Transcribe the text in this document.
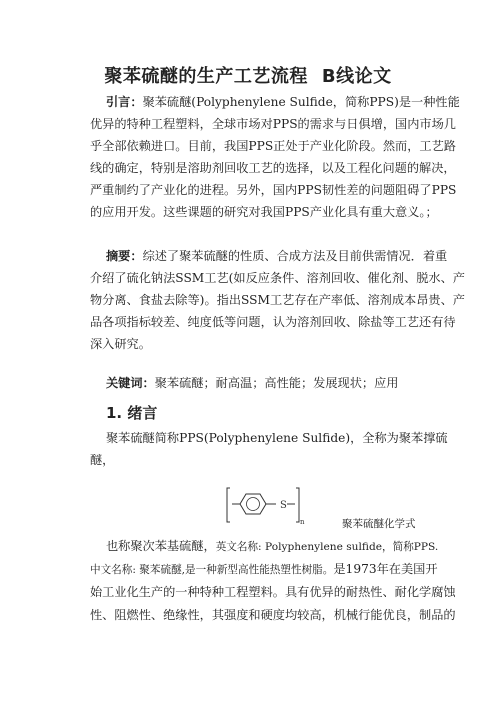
聚苯硫醚的生产工艺流程 B线论文
引言：聚苯硫醚(Polyphenylene Sulfide，简称PPS)是一种性能
优异的特种工程塑料，全球市场对PPS的需求与日俱增，国内市场几
乎全部依赖进口。目前，我国PPS正处于产业化阶段。然而，工艺路
线的确定，特别是溶助剂回收工艺的选择，以及工程化问题的解决，
严重制约了产业化的进程。另外，国内PPS韧性差的问题阻碍了PPS
的应用开发。这些课题的研究对我国PPS产业化具有重大意义。；
摘要：综述了聚苯硫醚的性质、合成方法及目前供需情况．着重
介绍了硫化钠法SSM工艺(如反应条件、溶剂回收、催化剂、脱水、产
物分离、食盐去除等)。指出SSM工艺存在产率低、溶剂成本昂贵、产
品各项指标较差、纯度低等问题，认为溶剂回收、除盐等工艺还有待
深入研究。
关键词：聚苯硫醚；耐高温；高性能；发展现状；应用
1. 绪言
聚苯硫醚简称PPS(Polyphenylene Sulfide)，全称为聚苯撑硫
醚，
S
n	聚苯硫醚化学式
也称聚次苯基硫醚，英文名称: Polyphenylene sulfide，简称PPS.
中文名称: 聚苯硫醚,是一种新型高性能热塑性树脂。是1973年在美国开
始工业化生产的一种特种工程塑料。具有优异的耐热性、耐化学腐蚀
性、阻燃性、绝缘性，其强度和硬度均较高，机械行能优良，制品的
